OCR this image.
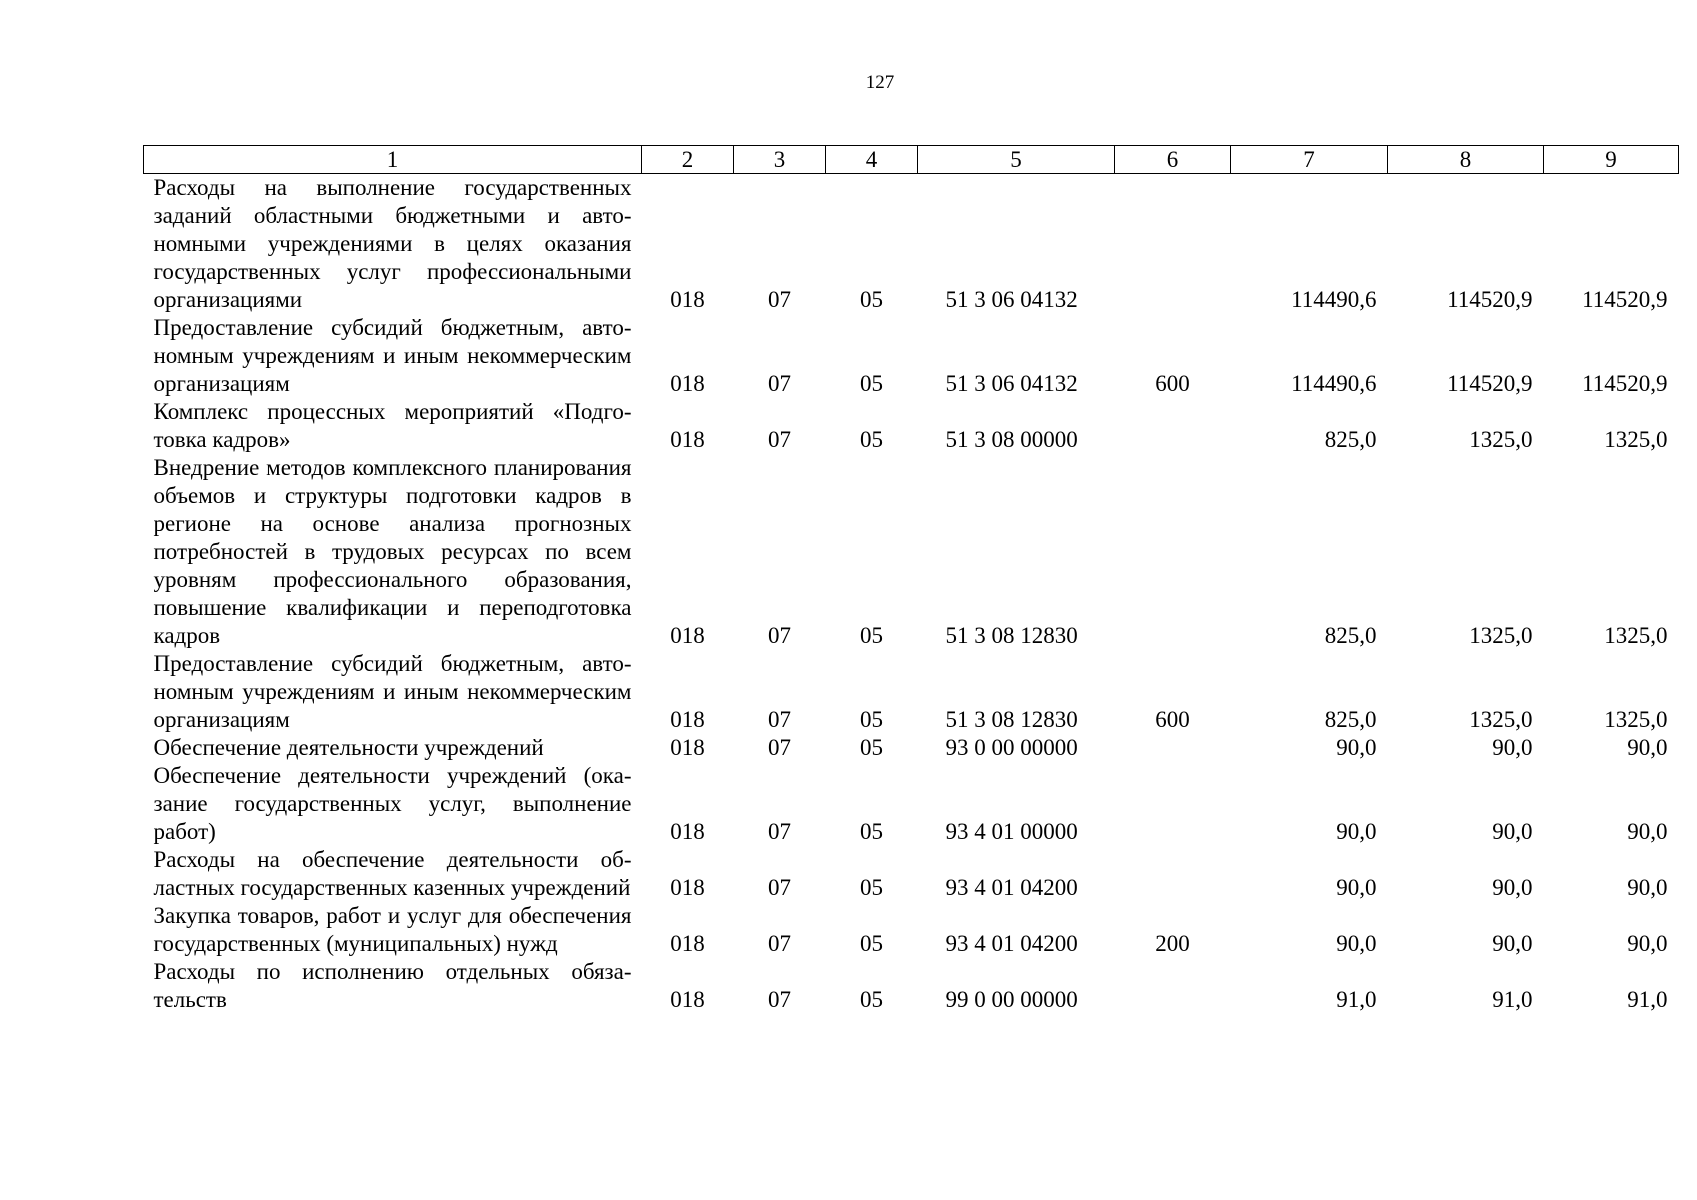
127
1	2	3	4	5	6	7	8	9
Расходы на выполнение государственных заданий областными бюджетными и автономными учреждениями в целях оказания государственных услуг профессиональными организациями	018	07	05	51 3 06 04132		114490,6	114520,9	114520,9
Предоставление субсидий бюджетным, автономным учреждениям и иным некоммерческим организациям	018	07	05	51 3 06 04132	600	114490,6	114520,9	114520,9
Комплекс процессных мероприятий «Подготовка кадров»	018	07	05	51 3 08 00000		825,0	1325,0	1325,0
Внедрение методов комплексного планирования объемов и структуры подготовки кадров в регионе на основе анализа прогнозных потребностей в трудовых ресурсах по всем уровням профессионального образования, повышение квалификации и переподготовка кадров	018	07	05	51 3 08 12830		825,0	1325,0	1325,0
Предоставление субсидий бюджетным, автономным учреждениям и иным некоммерческим организациям	018	07	05	51 3 08 12830	600	825,0	1325,0	1325,0
Обеспечение деятельности учреждений	018	07	05	93 0 00 00000		90,0	90,0	90,0
Обеспечение деятельности учреждений (оказание государственных услуг, выполнение работ)	018	07	05	93 4 01 00000		90,0	90,0	90,0
Расходы на обеспечение деятельности областных государственных казенных учреждений	018	07	05	93 4 01 04200		90,0	90,0	90,0
Закупка товаров, работ и услуг для обеспечения государственных (муниципальных) нужд	018	07	05	93 4 01 04200	200	90,0	90,0	90,0
Расходы по исполнению отдельных обязательств	018	07	05	99 0 00 00000		91,0	91,0	91,0
